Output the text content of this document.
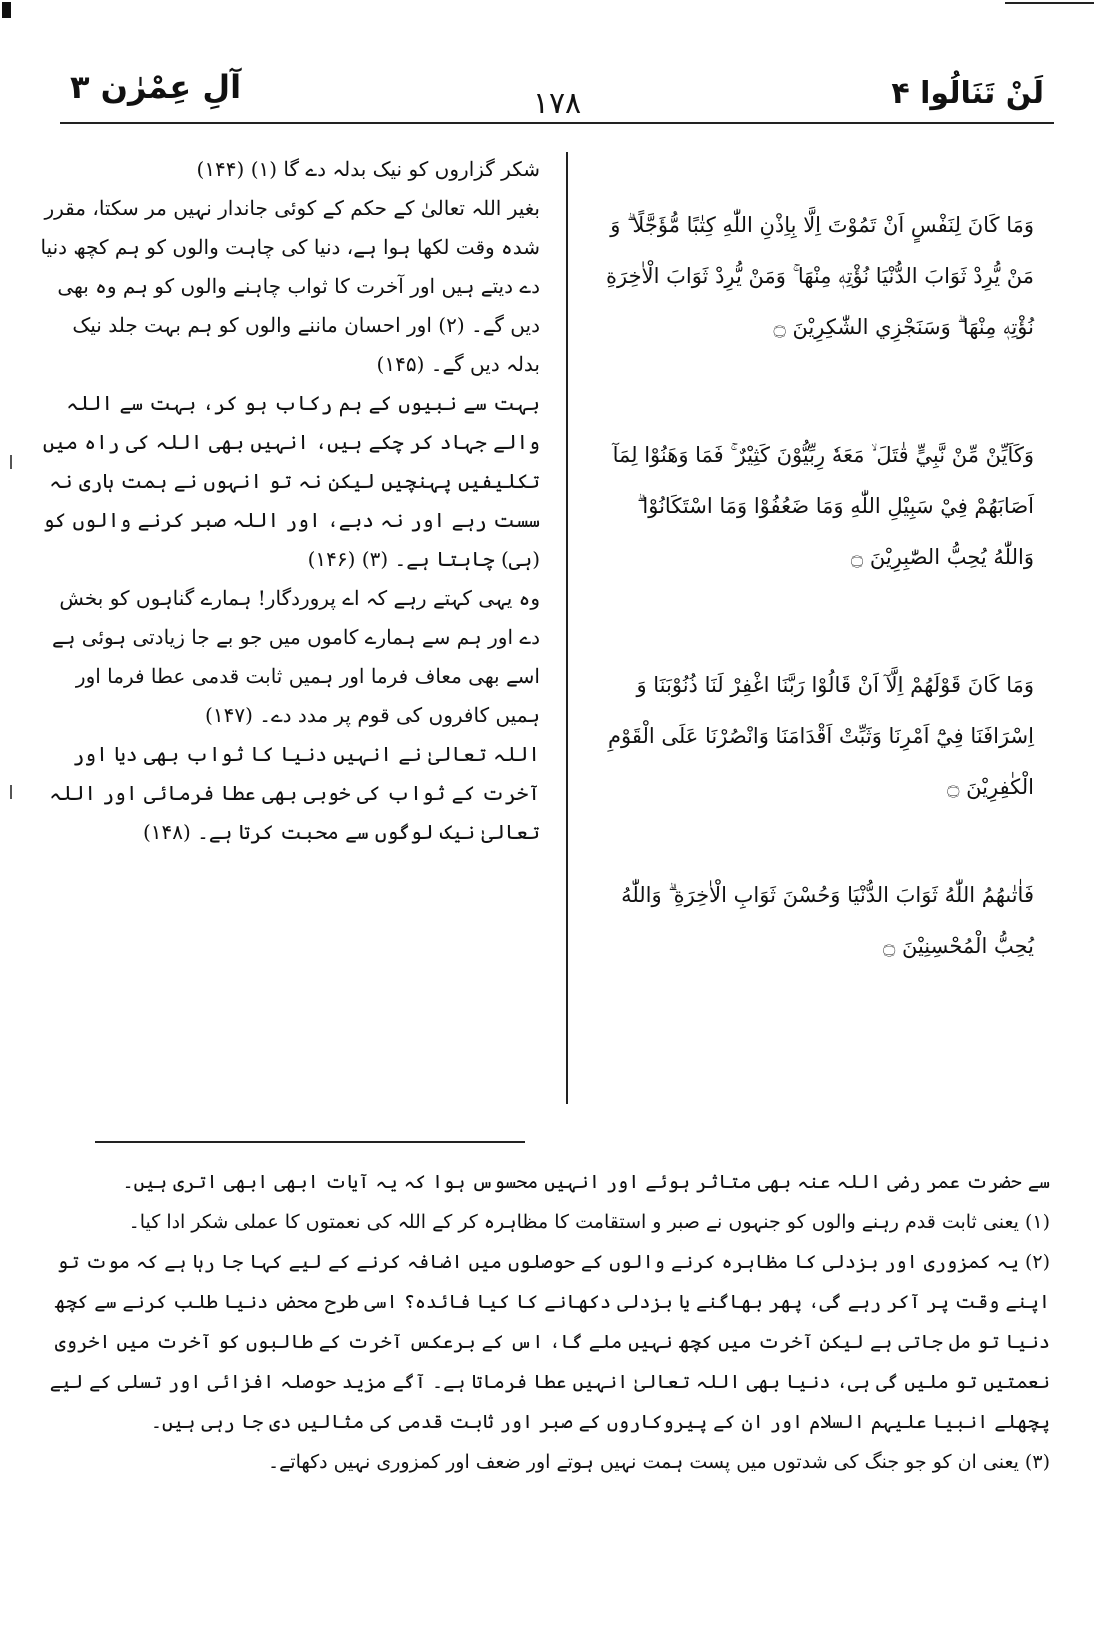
لَنْ تَنَالُوا ۴
۱۷۸
آلِ عِمْرٰن ۳

وَمَا كَانَ لِنَفْسٍ اَنْ تَمُوْتَ اِلَّا بِاِذْنِ اللّٰهِ كِتٰبًا مُّؤَجَّلًا ۗ وَ مَنْ يُّرِدْ ثَوَابَ الدُّنْيَا نُؤْتِهٖ مِنْهَا ۚ وَمَنْ يُّرِدْ ثَوَابَ الْاٰخِرَةِ نُؤْتِهٖ مِنْهَا ۗ وَسَنَجْزِي الشّٰكِرِيْنَ ۝

وَكَاَيِّنْ مِّنْ نَّبِيٍّ قٰتَلَ ۙ مَعَهٗ رِبِّيُّوْنَ كَثِيْرٌ ۚ فَمَا وَهَنُوْا لِمَآ اَصَابَهُمْ فِيْ سَبِيْلِ اللّٰهِ وَمَا ضَعُفُوْا وَمَا اسْتَكَانُوْا ۗ وَاللّٰهُ يُحِبُّ الصّٰبِرِيْنَ ۝

وَمَا كَانَ قَوْلَهُمْ اِلَّآ اَنْ قَالُوْا رَبَّنَا اغْفِرْ لَنَا ذُنُوْبَنَا وَ اِسْرَافَنَا فِيْٓ اَمْرِنَا وَثَبِّتْ اَقْدَامَنَا وَانْصُرْنَا عَلَى الْقَوْمِ الْكٰفِرِيْنَ ۝

فَاٰتٰىهُمُ اللّٰهُ ثَوَابَ الدُّنْيَا وَحُسْنَ ثَوَابِ الْاٰخِرَةِ ۗ وَاللّٰهُ يُحِبُّ الْمُحْسِنِيْنَ ۝

شکر گزاروں کو نیک بدلہ دے گا (۱) (۱۴۴)

بغیر اللہ تعالیٰ کے حکم کے کوئی جاندار نہیں مر سکتا، مقرر شدہ وقت لکھا ہوا ہے، دنیا کی چاہت والوں کو ہم کچھ دنیا دے دیتے ہیں اور آخرت کا ثواب چاہنے والوں کو ہم وہ بھی دیں گے۔ (۲) اور احسان ماننے والوں کو ہم بہت جلد نیک بدلہ دیں گے۔ (۱۴۵)

بہت سے نبیوں کے ہم رکاب ہو کر، بہت سے اللہ والے جہاد کر چکے ہیں، انہیں بھی اللہ کی راہ میں تکلیفیں پہنچیں لیکن نہ تو انہوں نے ہمت ہاری نہ سست رہے اور نہ دبے، اور اللہ صبر کرنے والوں کو (ہی) چاہتا ہے۔ (۳) (۱۴۶)

وہ یہی کہتے رہے کہ اے پروردگار! ہمارے گناہوں کو بخش دے اور ہم سے ہمارے کاموں میں جو بے جا زیادتی ہوئی ہے اسے بھی معاف فرما اور ہمیں ثابت قدمی عطا فرما اور ہمیں کافروں کی قوم پر مدد دے۔ (۱۴۷)

اللہ تعالیٰ نے انہیں دنیا کا ثواب بھی دیا اور آخرت کے ثواب کی خوبی بھی عطا فرمائی اور اللہ تعالیٰ نیک لوگوں سے محبت کرتا ہے۔ (۱۴۸)

سے حضرت عمر رضی اللہ عنہ بھی متاثر ہوئے اور انہیں محسوس ہوا کہ یہ آیات ابھی ابھی اتری ہیں۔

(۱) یعنی ثابت قدم رہنے والوں کو جنہوں نے صبر و استقامت کا مظاہرہ کر کے اللہ کی نعمتوں کا عملی شکر ادا کیا۔

(۲) یہ کمزوری اور بزدلی کا مظاہرہ کرنے والوں کے حوصلوں میں اضافہ کرنے کے لیے کہا جا رہا ہے کہ موت تو اپنے وقت پر آکر رہے گی، پھر بھاگنے یا بزدلی دکھانے کا کیا فائدہ؟ اسی طرح محض دنیا طلب کرنے سے کچھ دنیا تو مل جاتی ہے لیکن آخرت میں کچھ نہیں ملے گا، اس کے برعکس آخرت کے طالبوں کو آخرت میں اخروی نعمتیں تو ملیں گی ہی، دنیا بھی اللہ تعالیٰ انہیں عطا فرماتا ہے۔ آگے مزید حوصلہ افزائی اور تسلی کے لیے پچھلے انبیا علیہم السلام اور ان کے پیروکاروں کے صبر اور ثابت قدمی کی مثالیں دی جا رہی ہیں۔

(۳) یعنی ان کو جو جنگ کی شدتوں میں پست ہمت نہیں ہوتے اور ضعف اور کمزوری نہیں دکھاتے۔
